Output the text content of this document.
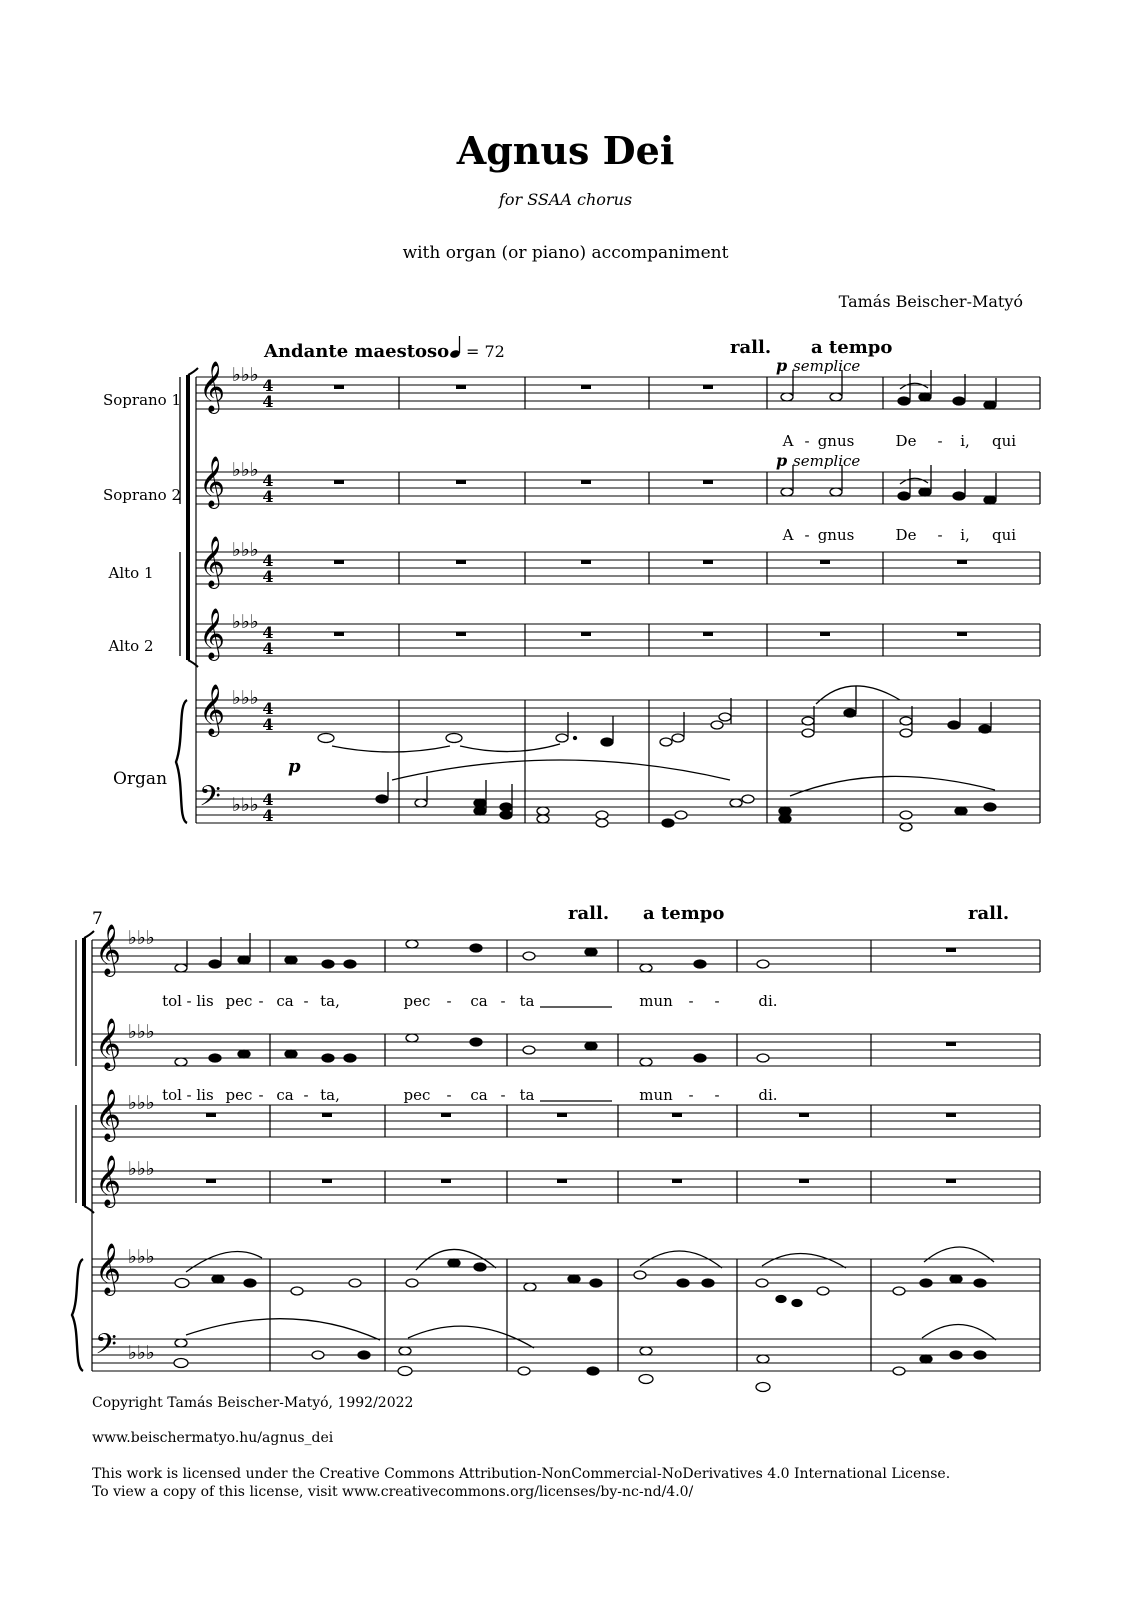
Agnus Dei
for SSAA chorus
with organ (or piano) accompaniment
Tamás Beischer-Matyó
Andante maestoso = 72	rall. a tempo
Soprano 1
Soprano 2
Alto 1
Alto 2
Organ
𝄞
𝄞
𝄞
𝄞
𝄞
𝄢
♭♭♭
♭♭♭
♭♭♭
♭♭♭
♭♭♭
♭♭♭
4
4
4
4
4
4
4
4
4
4
4
4
p semplice
p semplice
p
A - gnus	De - i, qui
A - gnus	De - i, qui
7	rall. a tempo	rall.
𝄞
𝄞
𝄞
𝄞
𝄞
𝄢
♭♭♭
♭♭♭
♭♭♭
♭♭♭
♭♭♭
♭♭♭
tol - lis pec - ca - ta,	pec - ca - ta	mun - -	di.
tol - lis pec - ca - ta,	pec - ca - ta	mun - -	di.
Copyright Tamás Beischer-Matyó, 1992/2022
www.beischermatyo.hu/agnus_dei
This work is licensed under the Creative Commons Attribution-NonCommercial-NoDerivatives 4.0 International License.
To view a copy of this license, visit www.creativecommons.org/licenses/by-nc-nd/4.0/
